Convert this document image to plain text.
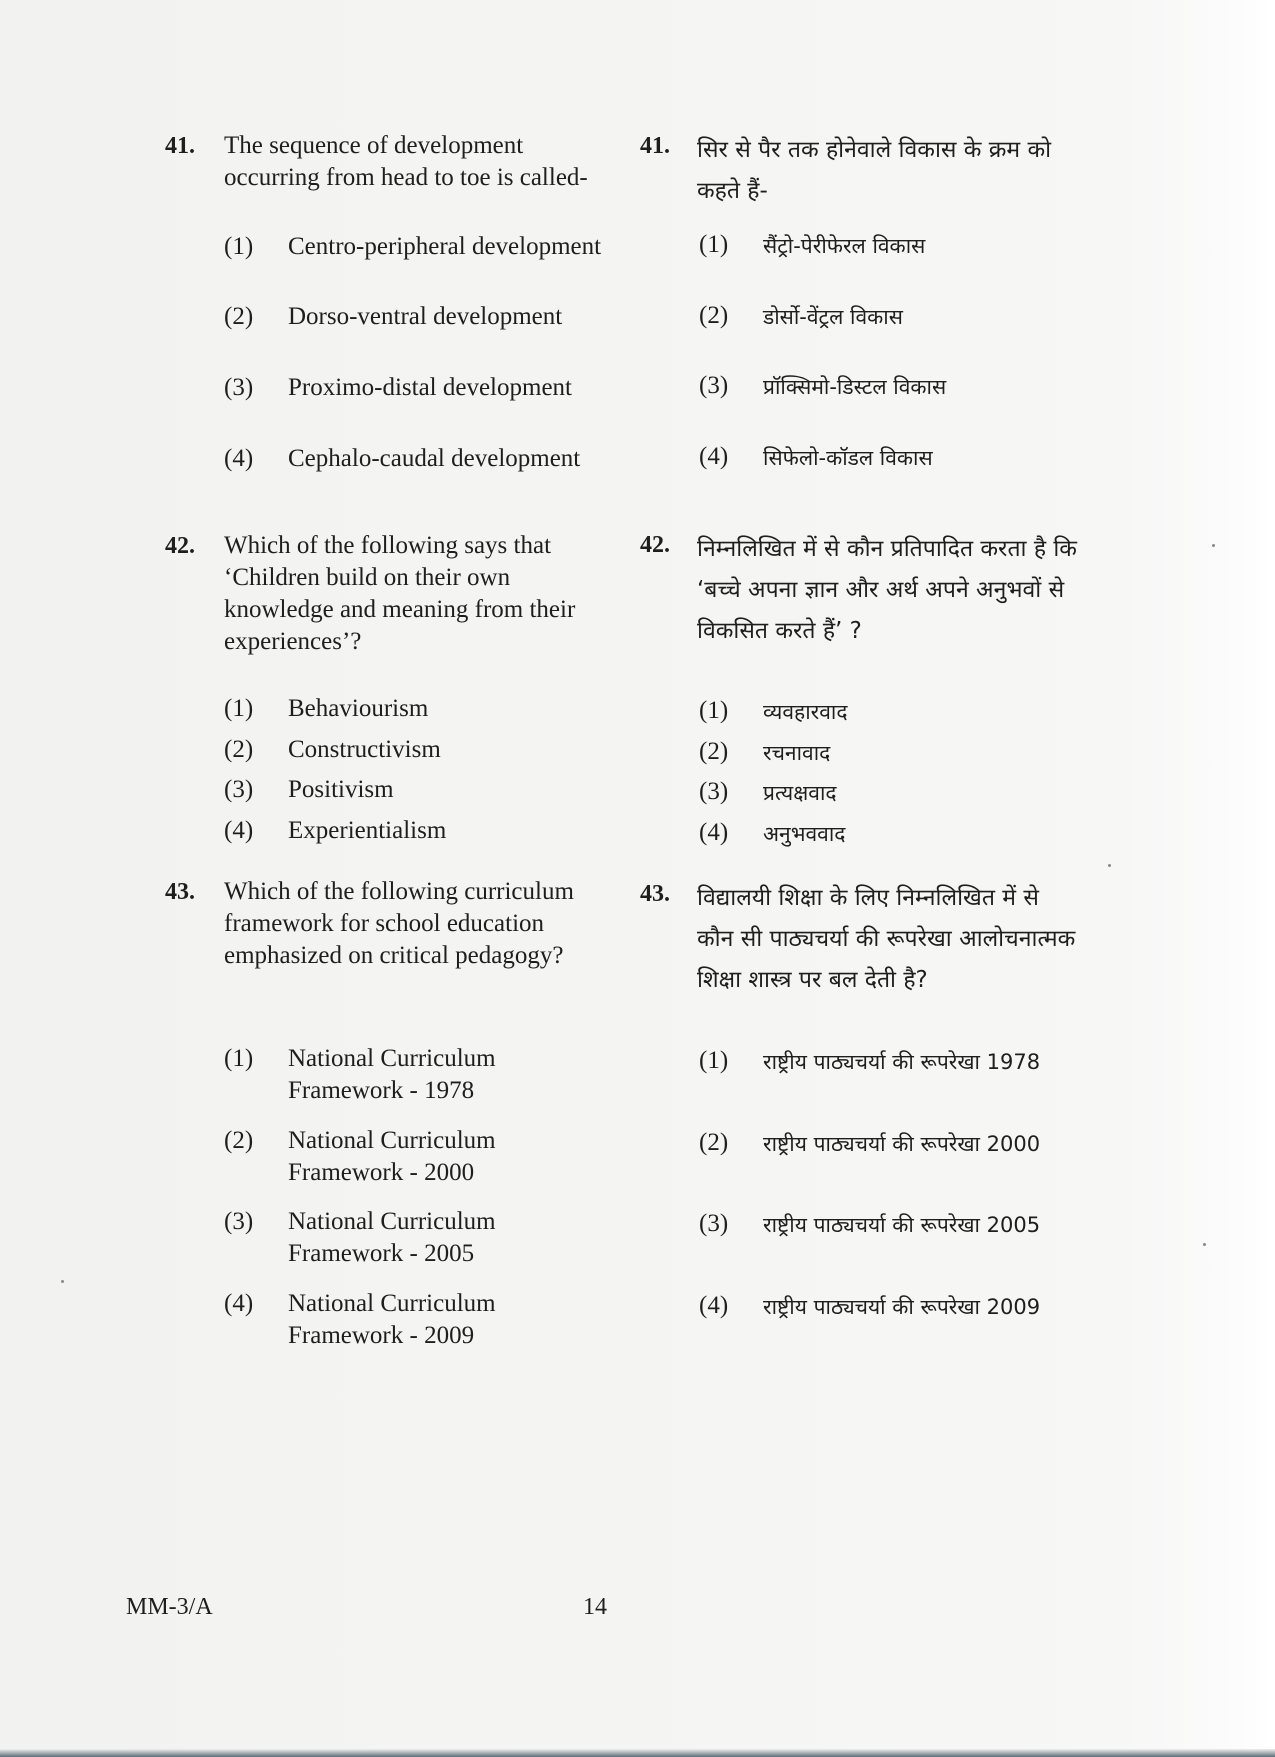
41. The sequence of development occurring from head to toe is called-

(1) Centro-peripheral development

(2) Dorso-ventral development

(3) Proximo-distal development

(4) Cephalo-caudal development

42. Which of the following says that ‘Children build on their own knowledge and meaning from their experiences’?

(1) Behaviourism

(2) Constructivism

(3) Positivism

(4) Experientialism

43. Which of the following curriculum framework for school education emphasized on critical pedagogy?

(1) National Curriculum Framework - 1978

(2) National Curriculum Framework - 2000

(3) National Curriculum Framework - 2005

(4) National Curriculum Framework - 2009

41. सिर से पैर तक होनेवाले विकास के क्रम को कहते हैं-

(1) सैंट्रो-पेरीफेरल विकास

(2) डोर्सो-वेंट्रल विकास

(3) प्रॉक्सिमो-डिस्टल विकास

(4) सिफेलो-कॉडल विकास

42. निम्नलिखित में से कौन प्रतिपादित करता है कि ‘बच्चे अपना ज्ञान और अर्थ अपने अनुभवों से विकसित करते हैं’ ?

(1) व्यवहारवाद

(2) रचनावाद

(3) प्रत्यक्षवाद

(4) अनुभववाद

43. विद्यालयी शिक्षा के लिए निम्नलिखित में से कौन सी पाठ्यचर्या की रूपरेखा आलोचनात्मक शिक्षा शास्त्र पर बल देती है?

(1) राष्ट्रीय पाठ्यचर्या की रूपरेखा 1978

(2) राष्ट्रीय पाठ्यचर्या की रूपरेखा 2000

(3) राष्ट्रीय पाठ्यचर्या की रूपरेखा 2005

(4) राष्ट्रीय पाठ्यचर्या की रूपरेखा 2009

MM-3/A	14
